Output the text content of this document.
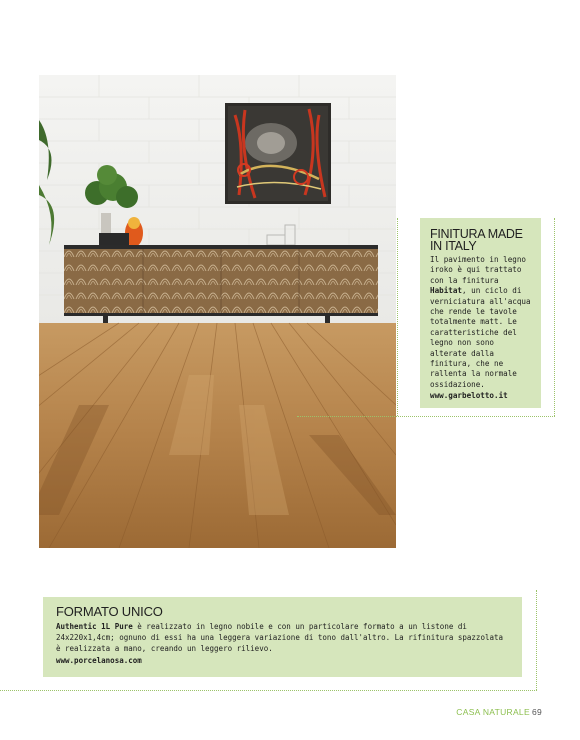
FINITURA MADE IN ITALY

Il pavimento in legno iroko è qui trattato con la finitura Habitat, un ciclo di verniciatura all'acqua che rende le tavole totalmente matt. Le caratteristiche del legno non sono alterate dalla finitura, che ne rallenta la normale ossidazione.

www.garbelotto.it
FORMATO UNICO

Authentic 1L Pure è realizzato in legno nobile e con un particolare formato a un listone di 24x220x1,4cm; ognuno di essi ha una leggera variazione di tono dall'altro. La rifinitura spazzolata è realizzata a mano, creando un leggero rilievo.

www.porcelanosa.com
CASA NATURALE 69
